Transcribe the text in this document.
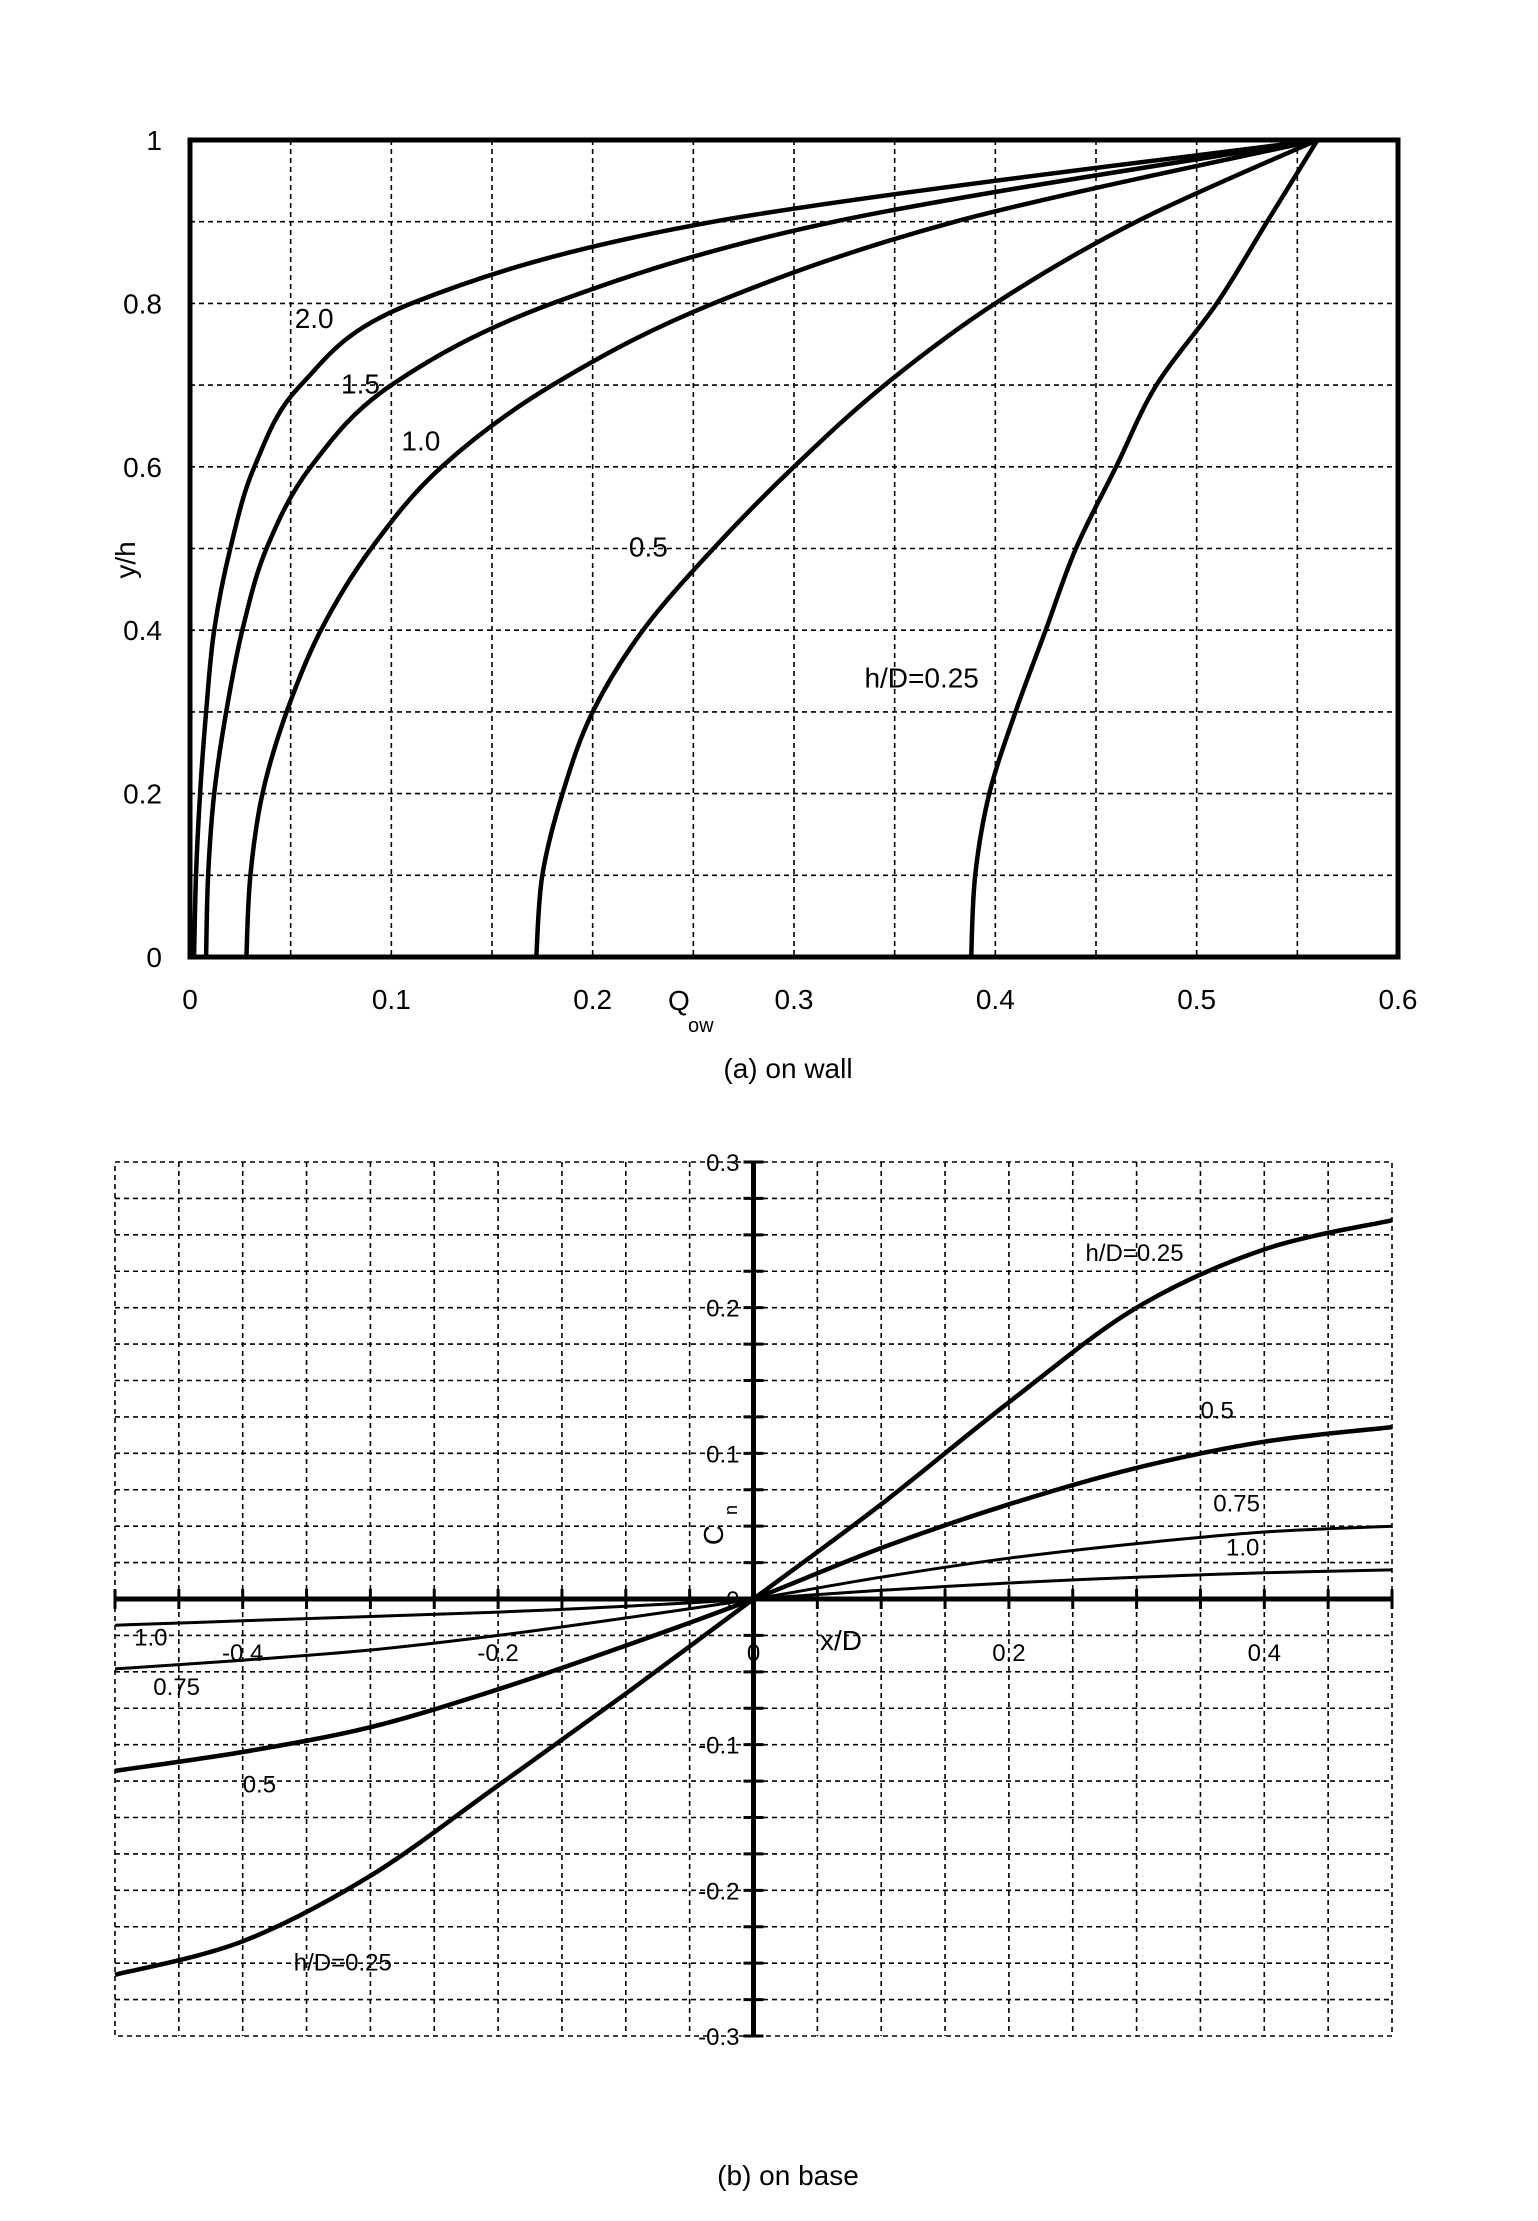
0	0.1	0.2	0.3	0.4	0.5	0.6
0
0.2
0.4
0.6
0.8
1
2.0
1.5
1.0
0.5
h/D=0.25
y/h
Q
ow
(a) on wall
-0.4	-0.2	0	0.2	0.4
0.3
0.2
0.1
0
-0.1
-0.2
-0.3
h/D=0.25
0.5
0.75
1.0
1.0
0.75
0.5
h/D=0.25
x/D
C
n
(b) on base
